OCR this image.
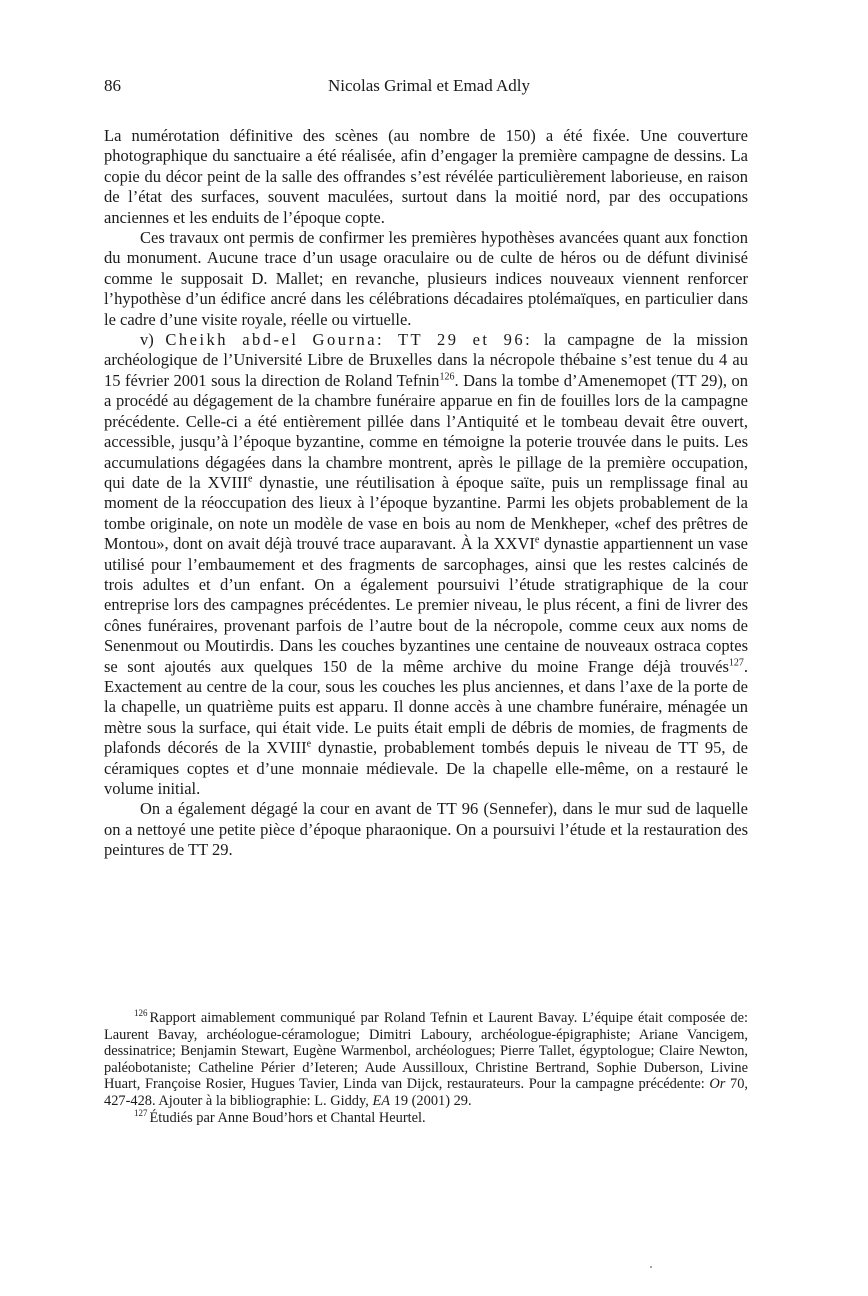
86	Nicolas Grimal et Emad Adly

La numérotation définitive des scènes (au nombre de 150) a été fixée. Une couverture photographique du sanctuaire a été réalisée, afin d’engager la première campagne de dessins. La copie du décor peint de la salle des offrandes s’est révélée particulièrement laborieuse, en raison de l’état des surfaces, souvent maculées, surtout dans la moitié nord, par des occupations anciennes et les enduits de l’époque copte.

Ces travaux ont permis de confirmer les premières hypothèses avancées quant aux fonction du monument. Aucune trace d’un usage oraculaire ou de culte de héros ou de défunt divinisé comme le supposait D. Mallet; en revanche, plusieurs indices nouveaux viennent renforcer l’hypothèse d’un édifice ancré dans les célébrations décadaires ptolémaïques, en particulier dans le cadre d’une visite royale, réelle ou virtuelle.

v) Cheikh abd-el Gourna: TT 29 et 96: la campagne de la mission archéologique de l’Université Libre de Bruxelles dans la nécropole thébaine s’est tenue du 4 au 15 février 2001 sous la direction de Roland Tefnin$^{126}$. Dans la tombe d’Amenemopet (TT 29), on a procédé au dégagement de la chambre funéraire apparue en fin de fouilles lors de la campagne précédente. Celle-ci a été entièrement pillée dans l’Antiquité et le tombeau devait être ouvert, accessible, jusqu’à l’époque byzantine, comme en témoigne la poterie trouvée dans le puits. Les accumulations dégagées dans la chambre montrent, après le pillage de la première occupation, qui date de la XVIIIe dynastie, une réutilisation à époque saïte, puis un remplissage final au moment de la réoccupation des lieux à l’époque byzantine. Parmi les objets probablement de la tombe originale, on note un modèle de vase en bois au nom de Menkheper, «chef des prêtres de Montou», dont on avait déjà trouvé trace auparavant. À la XXVIe dynastie appartiennent un vase utilisé pour l’embaumement et des fragments de sarcophages, ainsi que les restes calcinés de trois adultes et d’un enfant. On a également poursuivi l’étude stratigraphique de la cour entreprise lors des campagnes précédentes. Le premier niveau, le plus récent, a fini de livrer des cônes funéraires, provenant parfois de l’autre bout de la nécropole, comme ceux aux noms de Senenmout ou Moutirdis. Dans les couches byzantines une centaine de nouveaux ostraca coptes se sont ajoutés aux quelques 150 de la même archive du moine Frange déjà trouvés$^{127}$. Exactement au centre de la cour, sous les couches les plus anciennes, et dans l’axe de la porte de la chapelle, un quatrième puits est apparu. Il donne accès à une chambre funéraire, ménagée un mètre sous la surface, qui était vide. Le puits était empli de débris de momies, de fragments de plafonds décorés de la XVIIIe dynastie, probablement tombés depuis le niveau de TT 95, de céramiques coptes et d’une monnaie médievale. De la chapelle elle-même, on a restauré le volume initial.

On a également dégagé la cour en avant de TT 96 (Sennefer), dans le mur sud de laquelle on a nettoyé une petite pièce d’époque pharaonique. On a poursuivi l’étude et la restauration des peintures de TT 29.

$^{126}$ Rapport aimablement communiqué par Roland Tefnin et Laurent Bavay. L’équipe était composée de: Laurent Bavay, archéologue-céramologue; Dimitri Laboury, archéologue-épigraphiste; Ariane Vancigem, dessinatrice; Benjamin Stewart, Eugène Warmenbol, archéologues; Pierre Tallet, égyptologue; Claire Newton, paléobotaniste; Catheline Périer d’Ieteren; Aude Aussilloux, Christine Bertrand, Sophie Duberson, Livine Huart, Françoise Rosier, Hugues Tavier, Linda van Dijck, restaurateurs. Pour la campagne précédente: Or 70, 427-428. Ajouter à la bibliographie: L. Giddy, EA 19 (2001) 29.

$^{127}$ Étudiés par Anne Boud’hors et Chantal Heurtel.
